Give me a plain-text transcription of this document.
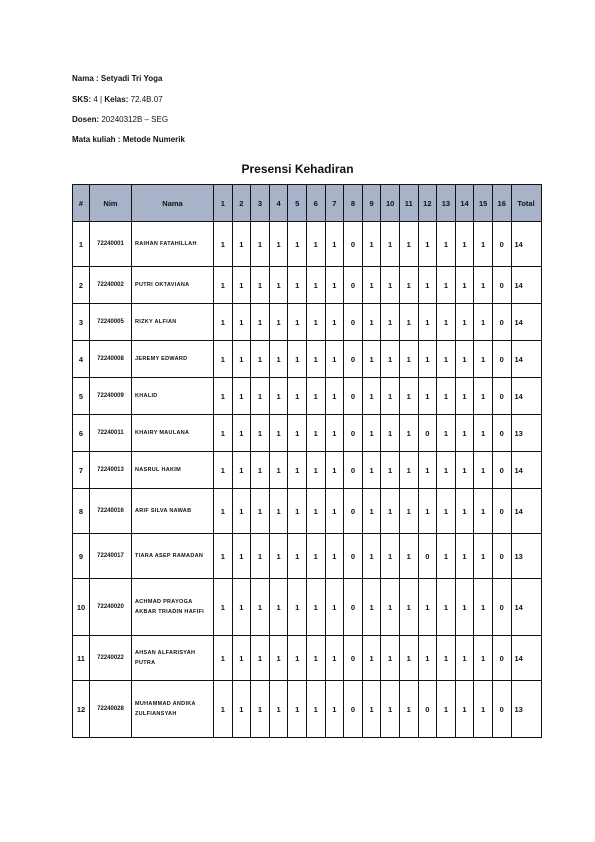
Nama : Setyadi Tri Yoga
SKS: 4 | Kelas: 72.4B.07
Dosen: 20240312B – SEG
Mata kuliah : Metode Numerik
Presensi Kehadiran
#	Nim	Nama	1	2	3	4	5	6	7	8	9	10	11	12	13	14	15	16	Total
1	72240001	RAIHAN FATAHILLAH	1	1	1	1	1	1	1	0	1	1	1	1	1	1	1	0	14
2	72240002	PUTRI OKTAVIANA	1	1	1	1	1	1	1	0	1	1	1	1	1	1	1	0	14
3	72240005	RIZKY ALFIAN	1	1	1	1	1	1	1	0	1	1	1	1	1	1	1	0	14
4	72240008	JEREMY EDWARD	1	1	1	1	1	1	1	0	1	1	1	1	1	1	1	0	14
5	72240009	KHALID	1	1	1	1	1	1	1	0	1	1	1	1	1	1	1	0	14
6	72240011	KHAIRY MAULANA	1	1	1	1	1	1	1	0	1	1	1	0	1	1	1	0	13
7	72240013	NASRUL HAKIM	1	1	1	1	1	1	1	0	1	1	1	1	1	1	1	0	14
8	72240016	ARIF SILVA NAWAB	1	1	1	1	1	1	1	0	1	1	1	1	1	1	1	0	14
9	72240017	TIARA ASEP RAMADAN	1	1	1	1	1	1	1	0	1	1	1	0	1	1	1	0	13
10	72240020	ACHMAD PRAYOGA AKBAR TRIADIN HAFIFI	1	1	1	1	1	1	1	0	1	1	1	1	1	1	1	0	14
11	72240022	AHSAN ALFARISYAH PUTRA	1	1	1	1	1	1	1	0	1	1	1	1	1	1	1	0	14
12	72240028	MUHAMMAD ANDIKA ZULFIANSYAH	1	1	1	1	1	1	1	0	1	1	1	0	1	1	1	0	13
